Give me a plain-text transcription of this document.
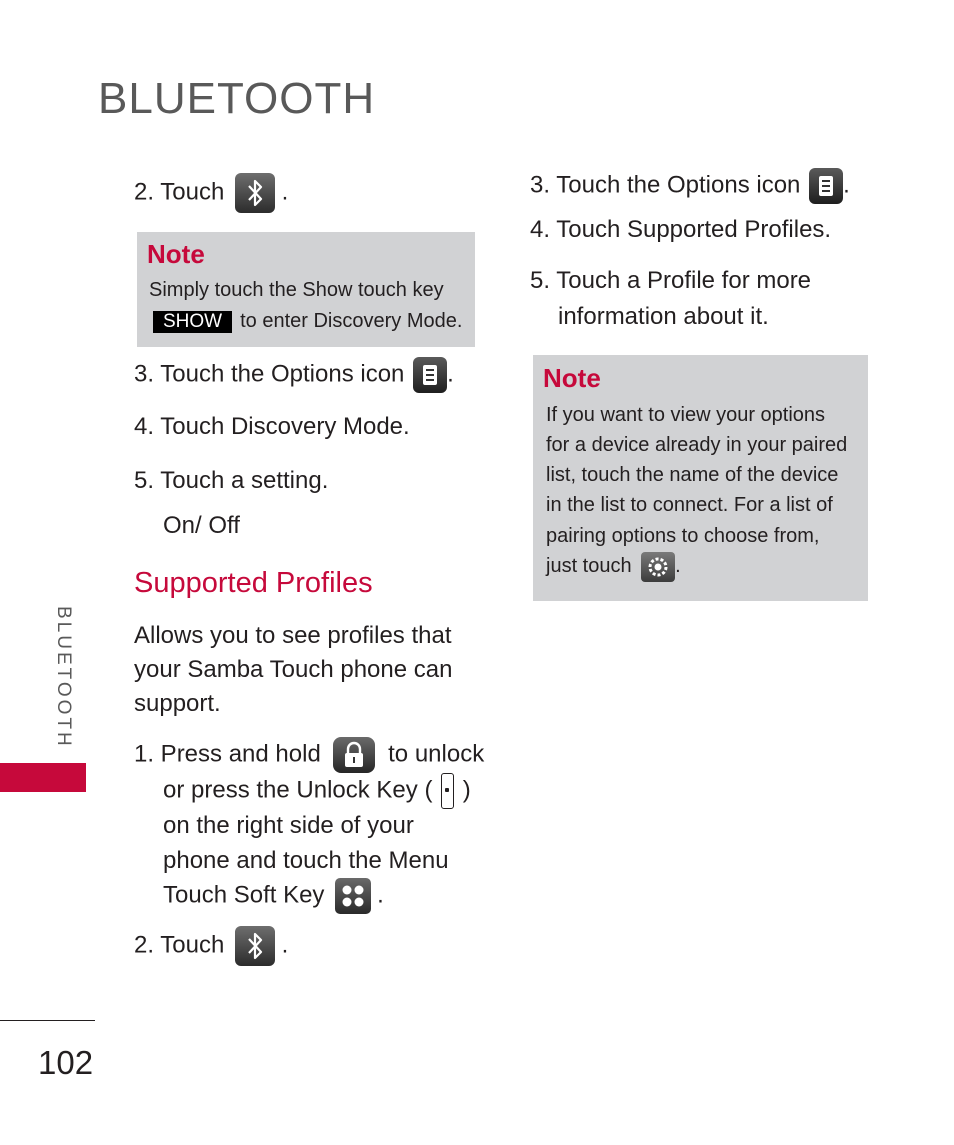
BLUETOOTH
BLUETOOTH
102
2. Touch .
Note
Simply touch the Show touch key
SHOW to enter Discovery Mode.
3. Touch the Options icon .
4. Touch Discovery Mode.
5. Touch a setting.
On/ Off
Supported Profiles
Allows you to see profiles that your Samba Touch phone can support.
1. Press and hold	to unlock
or press the Unlock Key ( )
on the right side of your
phone and touch the Menu
Touch Soft Key .
2. Touch .
3. Touch the Options icon .
4. Touch Supported Profiles.
5. Touch a Profile for more
information about it.
Note
If you want to view your options
for a device already in your paired
list, touch the name of the device
in the list to connect. For a list of
pairing options to choose from,
just touch .
